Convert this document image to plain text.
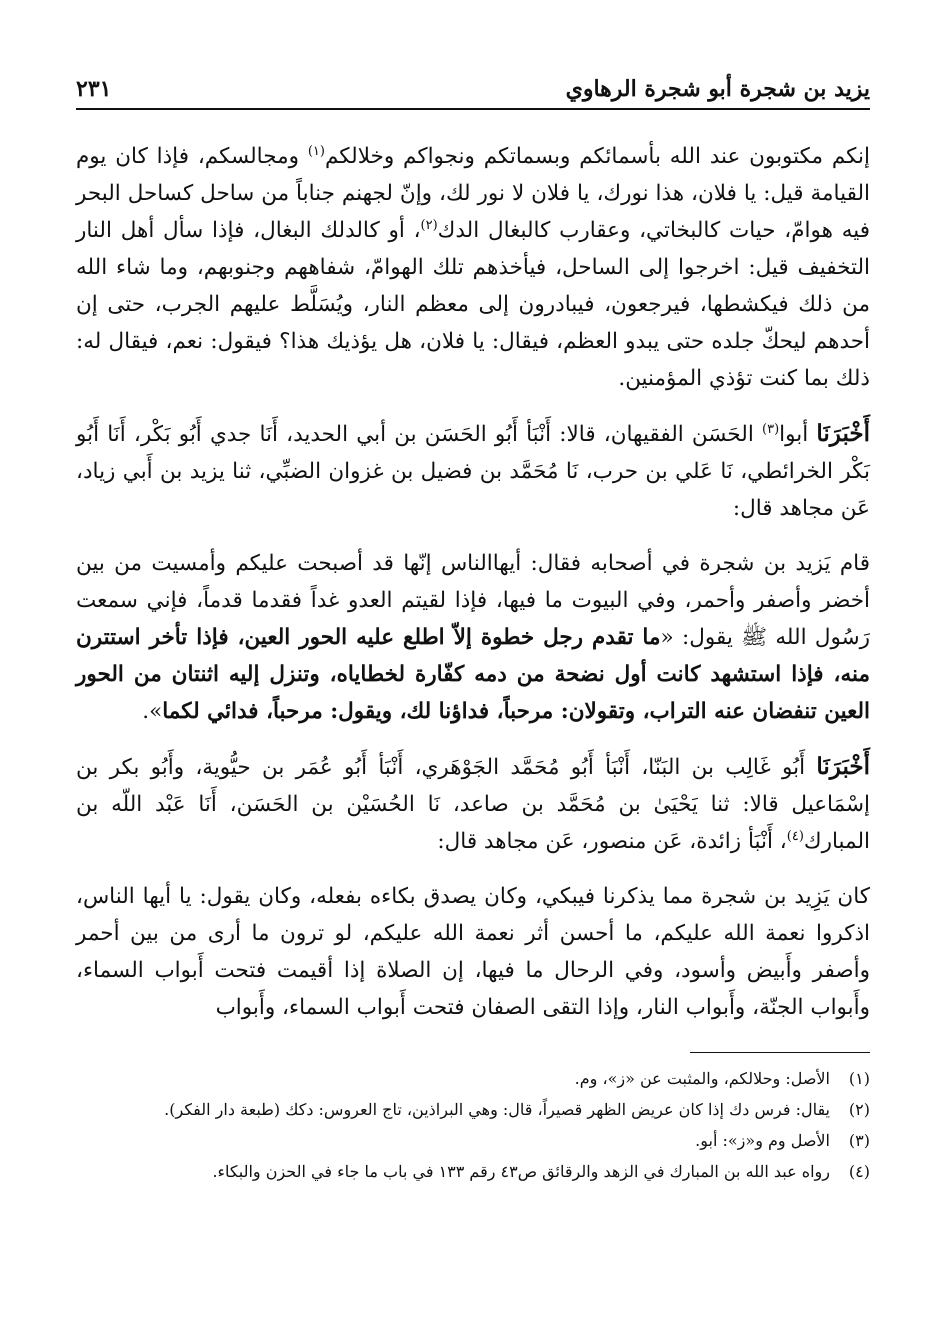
يزيد بن شجرة أبو شجرة الرهاوي
٢٣١

إنكم مكتوبون عند الله بأسمائكم وبسماتكم ونجواكم وخلالكم$^{(١)}$ ومجالسكم، فإذا كان يوم القيامة قيل: يا فلان، هذا نورك، يا فلان لا نور لك، وإنّ لجهنم جناباً من ساحل كساحل البحر فيه هوامّ، حيات كالبخاتي، وعقارب كالبغال الدك$^{(٢)}$، أو كالدلك البغال، فإذا سأل أهل النار التخفيف قيل: اخرجوا إلى الساحل، فيأخذهم تلك الهوامّ، شفاههم وجنوبهم، وما شاء الله من ذلك فيكشطها، فيرجعون، فيبادرون إلى معظم النار، ويُسَلَّط عليهم الجرب، حتى إن أحدهم ليحكّ جلده حتى يبدو العظم، فيقال: يا فلان، هل يؤذيك هذا؟ فيقول: نعم، فيقال له: ذلك بما كنت تؤذي المؤمنين.

أَخْبَرَنَا أبوا$^{(٣)}$ الحَسَن الفقيهان، قالا: أَنْبَأ أَبُو الحَسَن بن أبي الحديد، أَنَا جدي أَبُو بَكْر، أَنَا أَبُو بَكْر الخرائطي، نَا عَلي بن حرب، نَا مُحَمَّد بن فضيل بن غزوان الضبِّي، ثنا يزيد بن أَبي زياد، عَن مجاهد قال:

قام يَزيد بن شجرة في أصحابه فقال: أيهاالناس إنّها قد أصبحت عليكم وأمسيت من بين أخضر وأصفر وأحمر، وفي البيوت ما فيها، فإذا لقيتم العدو غداً فقدما قدماً، فإني سمعت رَسُول الله ﷺ يقول: «ما تقدم رجل خطوة إلاّ اطلع عليه الحور العين، فإذا تأخر استترن منه، فإذا استشهد كانت أول نضحة من دمه كفّارة لخطاياه، وتنزل إليه اثنتان من الحور العين تنفضان عنه التراب، وتقولان: مرحباً، فداؤنا لك، ويقول: مرحباً، فدائي لكما».

أَخْبَرَنَا أَبُو غَالِب بن البَنّا، أَنْبَأ أَبُو مُحَمَّد الجَوْهَري، أَنْبَأ أَبُو عُمَر بن حيُّوية، وأَبُو بكر بن إسْمَاعيل قالا: ثنا يَحْيَىٰ بن مُحَمَّد بن صاعد، نَا الحُسَيْن بن الحَسَن، أَنَا عَبْد اللّه بن المبارك$^{(٤)}$، أَنْبَأ زائدة، عَن منصور، عَن مجاهد قال:

كان يَزِيد بن شجرة مما يذكرنا فيبكي، وكان يصدق بكاءه بفعله، وكان يقول: يا أيها الناس، اذكروا نعمة الله عليكم، ما أحسن أثر نعمة الله عليكم، لو ترون ما أرى من بين أحمر وأصفر وأَبيض وأسود، وفي الرحال ما فيها، إن الصلاة إذا أقيمت فتحت أَبواب السماء، وأَبواب الجنّة، وأَبواب النار، وإذا التقى الصفان فتحت أَبواب السماء، وأَبواب

(١)
الأصل: وحلالكم، والمثبت عن «ز»، وم.
(٢)
يقال: فرس دك إذا كان عريض الظهر قصيراً، قال: وهي البراذين، تاج العروس: دكك (طبعة دار الفكر).
(٣)
الأصل وم و«ز»: أبو.
(٤)
رواه عبد الله بن المبارك في الزهد والرقائق ص٤٣ رقم ١٣٣ في باب ما جاء في الحزن والبكاء.
